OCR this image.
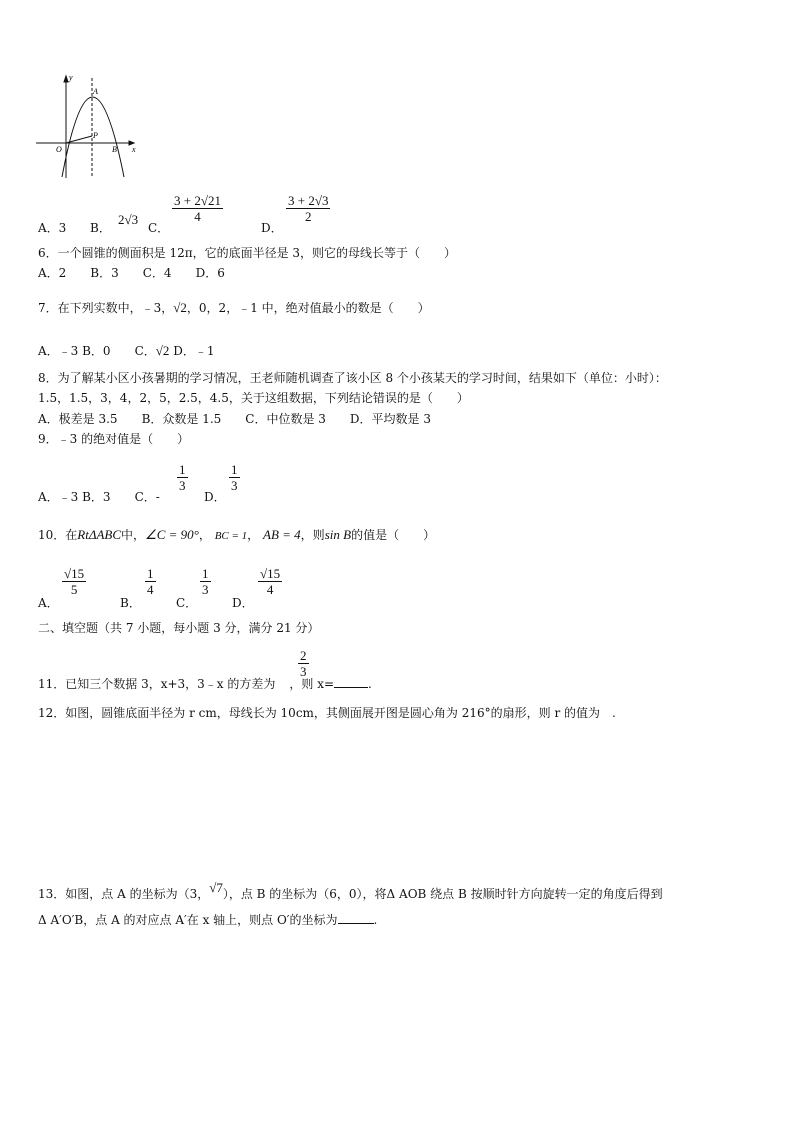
y
x
O
A
P
B
A．3 B．
2√3
C．
3 + 2√21
4
D．
3 + 2√3
2
6．一个圆锥的侧面积是 12π，它的底面半径是 3，则它的母线长等于（　　）
A．2　　B．3　　C．4　　D．6
7．在下列实数中，﹣3，√2，0，2，﹣1 中，绝对值最小的数是（　　）
A．﹣3 B．0　　C．√2 D．﹣1
8．为了解某小区小孩暑期的学习情况，王老师随机调查了该小区 8 个小孩某天的学习时间，结果如下（单位：小时）：
1.5，1.5，3，4，2，5，2.5，4.5，关于这组数据，下列结论错误的是（　　）
A．极差是 3.5　　B．众数是 1.5　　C．中位数是 3　　D．平均数是 3
9．﹣3 的绝对值是（　　）
A．﹣3 B．3　　C．-
1
3
D．
1
3
10．在RtΔABC中，∠C = 90°， BC = 1， AB = 4，则sin B的值是（　　）
A．
√15
5
B．
1
4
C．
1
3
D．
√15
4
二、填空题（共 7 小题，每小题 3 分，满分 21 分）
11．已知三个数据 3，x+3，3﹣x 的方差为 ，则 x=	.
2
3
12．如图，圆锥底面半径为 r cm，母线长为 10cm，其侧面展开图是圆心角为 216°的扇形，则 r 的值为　.
13．如图，点 A 的坐标为（3，√7），点 B 的坐标为（6，0），将Δ AOB 绕点 B 按顺时针方向旋转一定的角度后得到
Δ A′O′B，点 A 的对应点 A′在 x 轴上，则点 O′的坐标为	.
